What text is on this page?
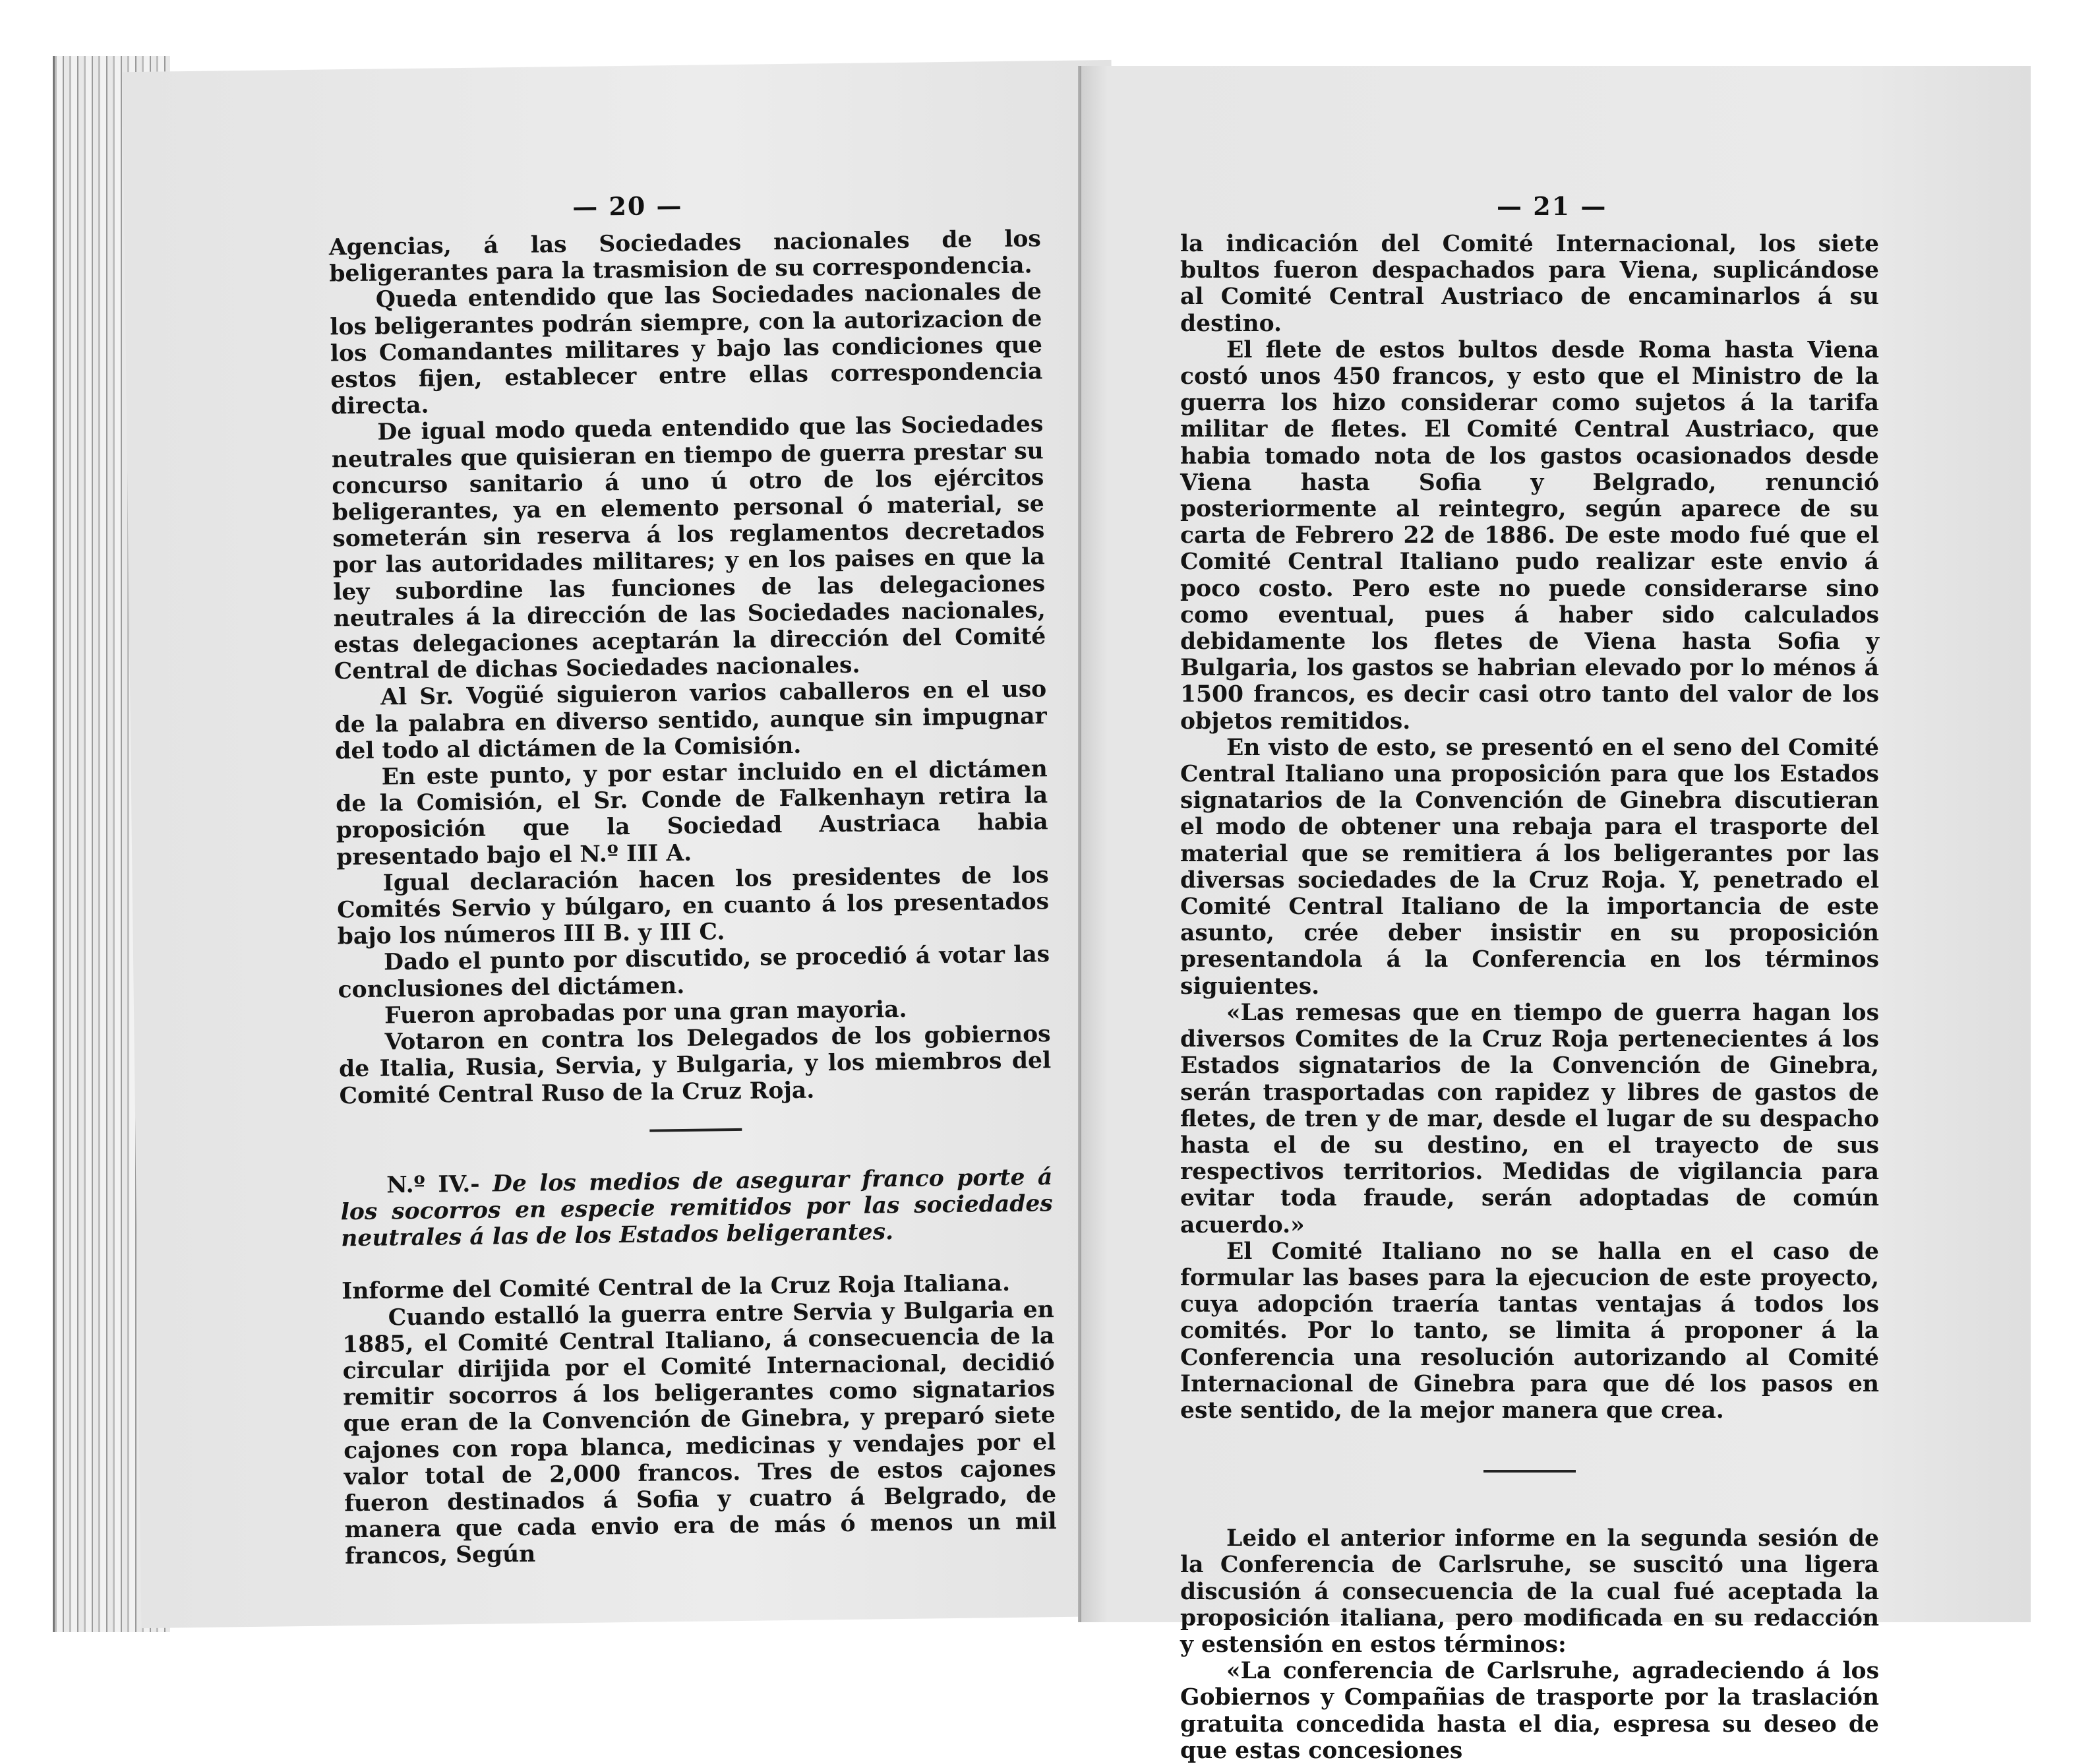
— 20 —

Agencias, á las Sociedades nacionales de los beligerantes para la trasmision de su correspondencia.

Queda entendido que las Sociedades nacionales de los beligerantes podrán siempre, con la autorizacion de los Comandantes militares y bajo las condiciones que estos fijen, establecer entre ellas correspondencia directa.

De igual modo queda entendido que las Sociedades neutrales que quisieran en tiempo de guerra prestar su concurso sanitario á uno ú otro de los ejércitos beligerantes, ya en elemento personal ó material, se someterán sin reserva á los reglamentos decretados por las autoridades militares; y en los paises en que la ley subordine las funciones de las delegaciones neutrales á la dirección de las Sociedades nacionales, estas delegaciones aceptarán la dirección del Comité Central de dichas Sociedades nacionales.

Al Sr. Vogüé siguieron varios caballeros en el uso de la palabra en diverso sentido, aunque sin impugnar del todo al dictámen de la Comisión.

En este punto, y por estar incluido en el dictámen de la Comisión, el Sr. Conde de Falkenhayn retira la proposición que la Sociedad Austriaca habia presentado bajo el N.º III A.

Igual declaración hacen los presidentes de los Comités Servio y búlgaro, en cuanto á los presentados bajo los números III B. y III C.

Dado el punto por discutido, se procedió á votar las conclusiones del dictámen.

Fueron aprobadas por una gran mayoria.

Votaron en contra los Delegados de los gobiernos de Italia, Rusia, Servia, y Bulgaria, y los miembros del Comité Central Ruso de la Cruz Roja.

N.º IV.- De los medios de asegurar franco porte á los socorros en especie remitidos por las sociedades neutrales á las de los Estados beligerantes.

Informe del Comité Central de la Cruz Roja Italiana.

Cuando estalló la guerra entre Servia y Bulgaria en 1885, el Comité Central Italiano, á consecuencia de la circular dirijida por el Comité Internacional, decidió remitir socorros á los beligerantes como signatarios que eran de la Convención de Ginebra, y preparó siete cajones con ropa blanca, medicinas y vendajes por el valor total de 2,000 francos. Tres de estos cajones fueron destinados á Sofia y cuatro á Belgrado, de manera que cada envio era de más ó menos un mil francos, Según

— 21 —

la indicación del Comité Internacional, los siete bultos fueron despachados para Viena, suplicándose al Comité Central Austriaco de encaminarlos á su destino.

El flete de estos bultos desde Roma hasta Viena costó unos 450 francos, y esto que el Ministro de la guerra los hizo considerar como sujetos á la tarifa militar de fletes. El Comité Central Austriaco, que habia tomado nota de los gastos ocasionados desde Viena hasta Sofia y Belgrado, renunció posteriormente al reintegro, según aparece de su carta de Febrero 22 de 1886. De este modo fué que el Comité Central Italiano pudo realizar este envio á poco costo. Pero este no puede considerarse sino como eventual, pues á haber sido calculados debidamente los fletes de Viena hasta Sofia y Bulgaria, los gastos se habrian elevado por lo ménos á 1500 francos, es decir casi otro tanto del valor de los objetos remitidos.

En visto de esto, se presentó en el seno del Comité Central Italiano una proposición para que los Estados signatarios de la Convención de Ginebra discutieran el modo de obtener una rebaja para el trasporte del material que se remitiera á los beligerantes por las diversas sociedades de la Cruz Roja. Y, penetrado el Comité Central Italiano de la importancia de este asunto, crée deber insistir en su proposición presentandola á la Conferencia en los términos siguientes.

«Las remesas que en tiempo de guerra hagan los diversos Comites de la Cruz Roja pertenecientes á los Estados signatarios de la Convención de Ginebra, serán trasportadas con rapidez y libres de gastos de fletes, de tren y de mar, desde el lugar de su despacho hasta el de su destino, en el trayecto de sus respectivos territorios. Medidas de vigilancia para evitar toda fraude, serán adoptadas de común acuerdo.»

El Comité Italiano no se halla en el caso de formular las bases para la ejecucion de este proyecto, cuya adopción traería tantas ventajas á todos los comités. Por lo tanto, se limita á proponer á la Conferencia una resolución autorizando al Comité Internacional de Ginebra para que dé los pasos en este sentido, de la mejor manera que crea.

Leido el anterior informe en la segunda sesión de la Conferencia de Carlsruhe, se suscitó una ligera discusión á consecuencia de la cual fué aceptada la proposición italiana, pero modificada en su redacción y estensión en estos términos:

«La conferencia de Carlsruhe, agradeciendo á los Gobiernos y Compañias de trasporte por la traslación gratuita concedida hasta el dia, espresa su deseo de que estas concesiones
